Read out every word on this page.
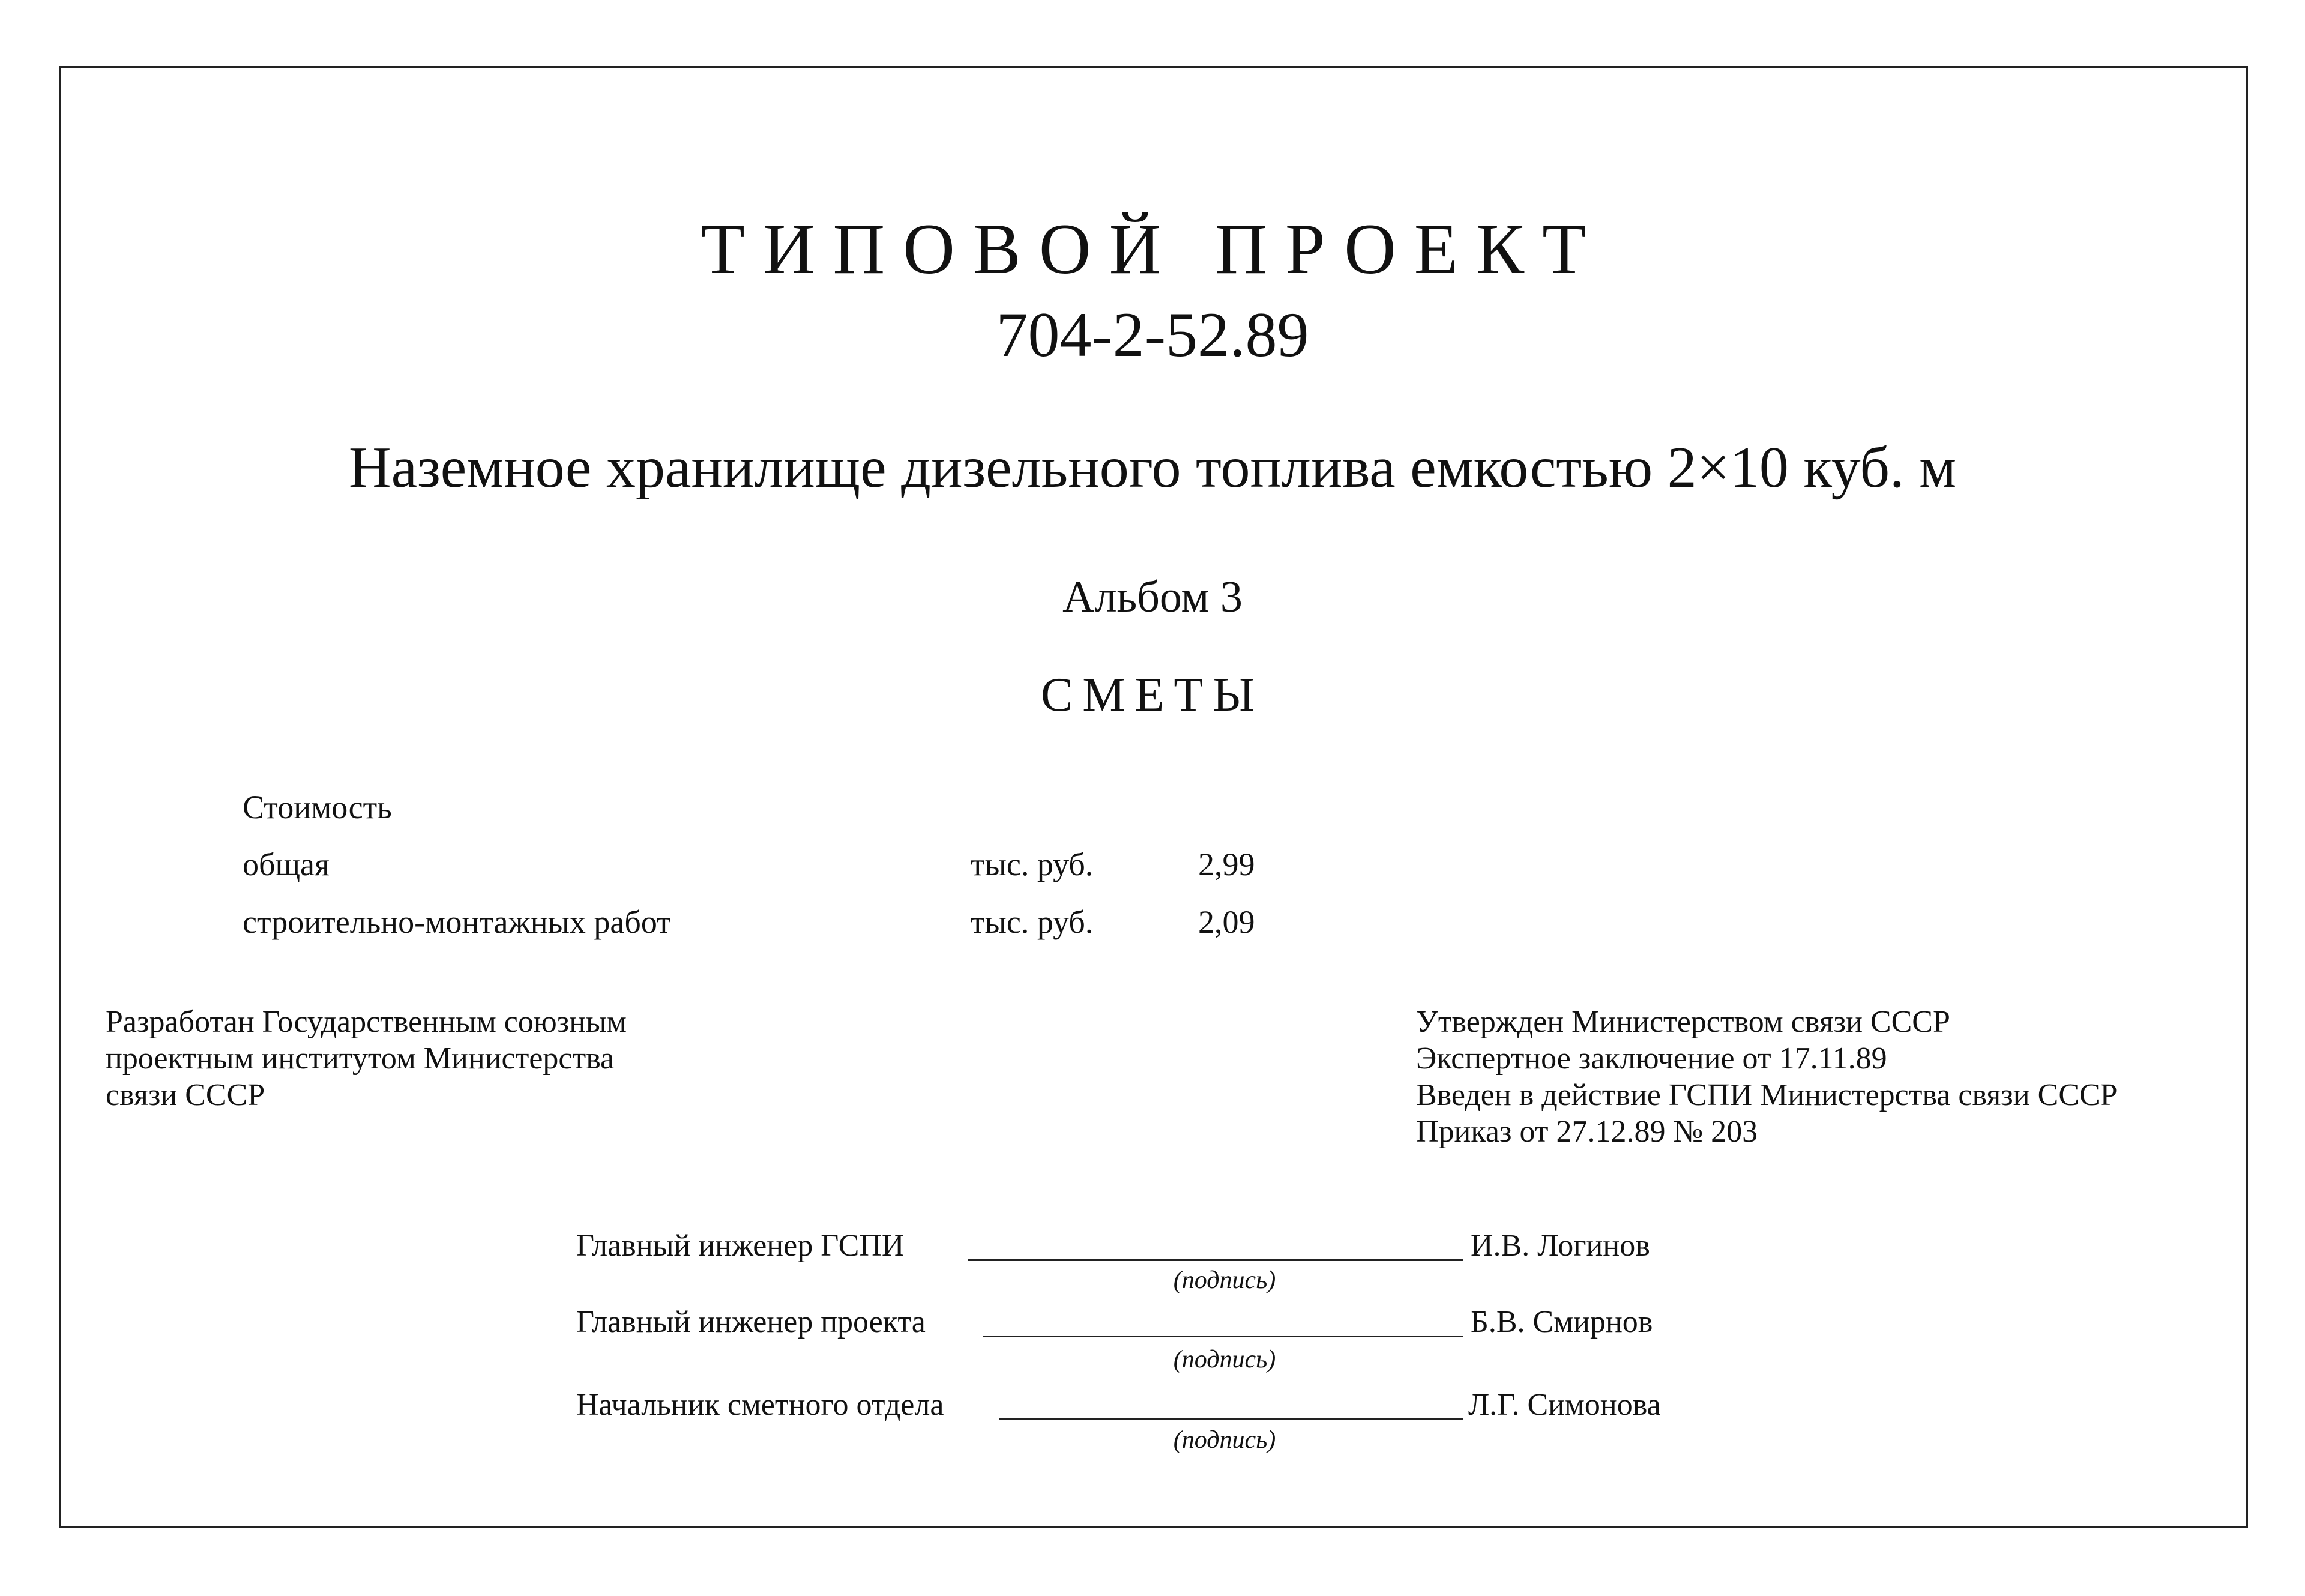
ТИПОВОЙ ПРОЕКТ
704-2-52.89
Наземное хранилище дизельного топлива емкостью 2×10 куб. м
Альбом 3
СМЕТЫ
Стоимость
общая	тыс. руб.	2,99
строительно-монтажных работ	тыс. руб.	2,09
Разработан Государственным союзным
проектным институтом Министерства
связи СССР
Утвержден Министерством связи СССР
Экспертное заключение от 17.11.89
Введен в действие ГСПИ Министерства связи СССР
Приказ от 27.12.89 № 203
Главный инженер ГСПИ	И.В. Логинов
(подпись)
Главный инженер проекта	Б.В. Смирнов
(подпись)
Начальник сметного отдела	Л.Г. Симонова
(подпись)
